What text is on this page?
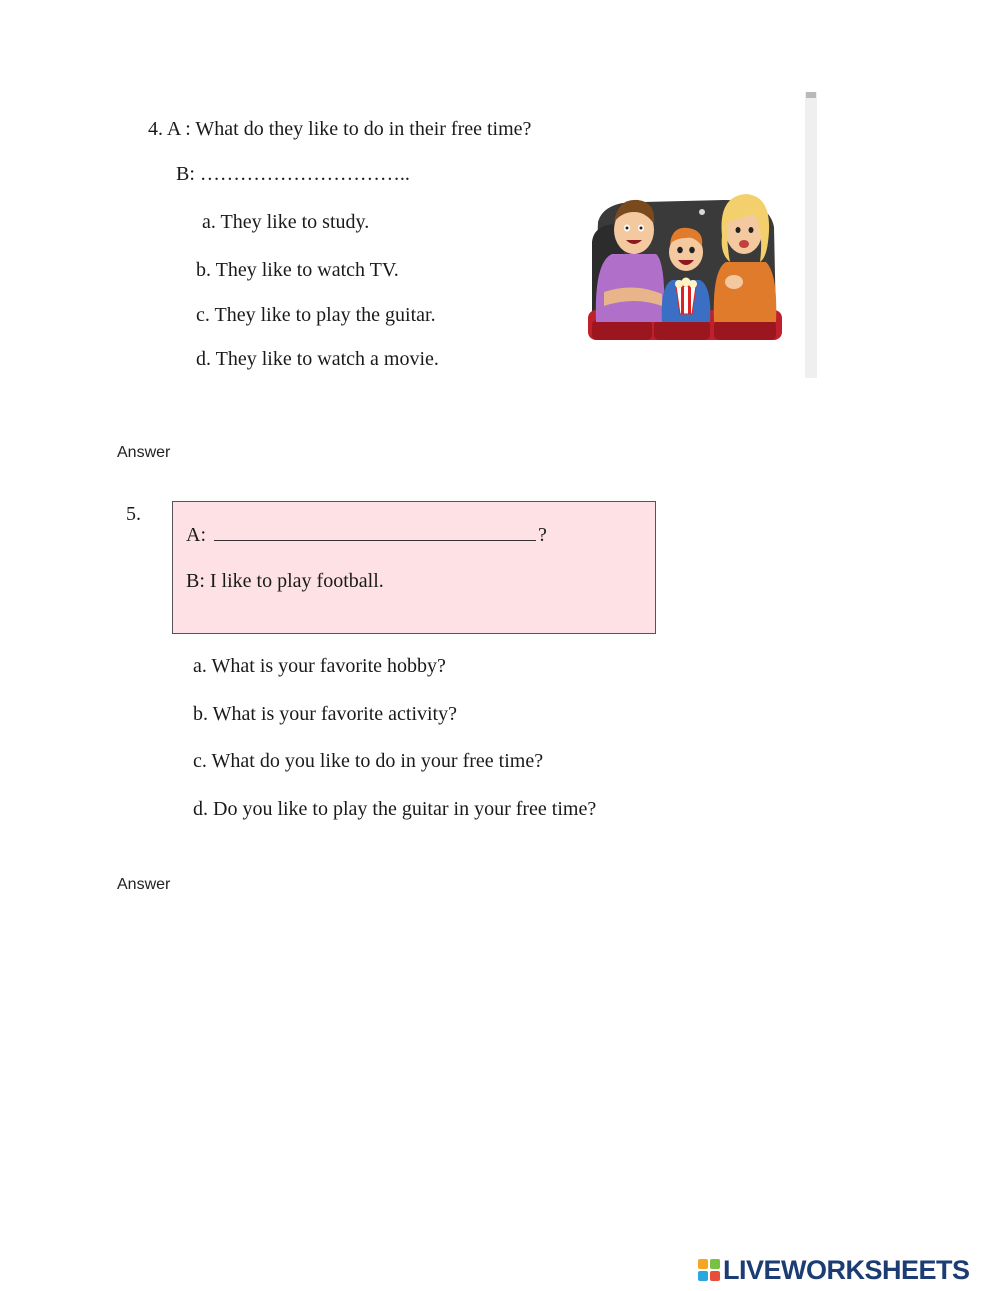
4. A : What do they like to do in their free time?
B: …………………………..
a. They like to study.
b. They like to watch TV.
c. They like to play the guitar.
d. They like to watch a movie.
Answer
5.
A:	?
B: I like to play football.
a. What is your favorite hobby?
b. What is your favorite activity?
c. What do you like to do in your free time?
d. Do you like to play the guitar in your free time?
Answer
LIVEWORKSHEETS
